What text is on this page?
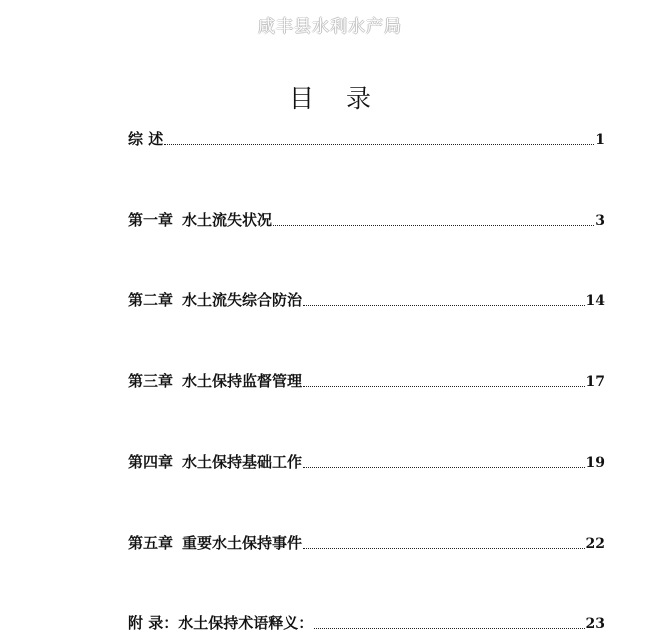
咸丰县水利水产局
目 录
综 述	1
第一章 水土流失状况	3
第二章 水土流失综合防治	14
第三章 水土保持监督管理	17
第四章 水土保持基础工作	19
第五章 重要水土保持事件	22
附 录：水土保持术语释义：	23
